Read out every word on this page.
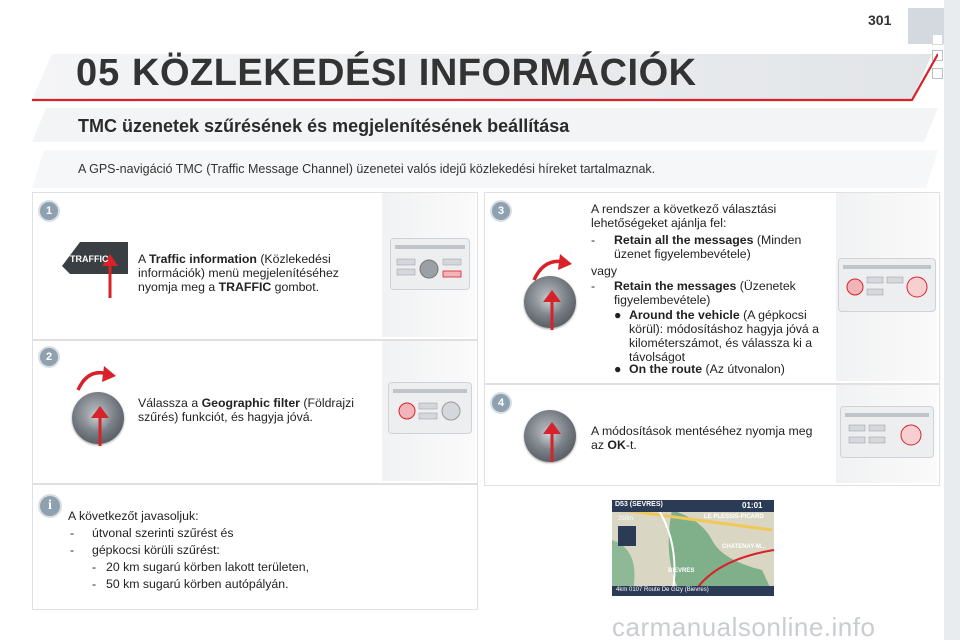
301
05 KÖZLEKEDÉSI INFORMÁCIÓK
TMC üzenetek szűrésének és megjelenítésének beállítása
A GPS-navigáció TMC (Traffic Message Channel) üzenetei valós idejű közlekedési híreket tartalmaznak.
1
TRAFFIC A Traffic information (Közlekedési információk) menü megjelenítéséhez nyomja meg a TRAFFIC gombot.
2
Válassza a Geographic filter (Földrajzi szűrés) funkciót, és hagyja jóvá.
i
A következőt javasoljuk:
- útvonal szerinti szűrést és
- gépkocsi körüli szűrést:
- 20 km sugarú körben lakott területen,
- 50 km sugarú körben autópályán.
3	A rendszer a következő választási lehetőségeket ajánlja fel:
- Retain all the messages (Minden üzenet figyelembevétele)
vagy
- Retain the messages (Üzenetek figyelembevétele)
● Around the vehicle (A gépkocsi körül): módosításhoz hagyja jóvá a kilométerszámot, és válassza ki a távolságot
● On the route (Az útvonalon)
4
A módosítások mentéséhez nyomja meg az OK-t.
D53 (SEVRES)	01:01
LE PLESSIS-PICARD
CHATENAY-M...
BIEVRES
250m
4km 0107 Route De Gizy (Bievres)
carmanualsonline.info
